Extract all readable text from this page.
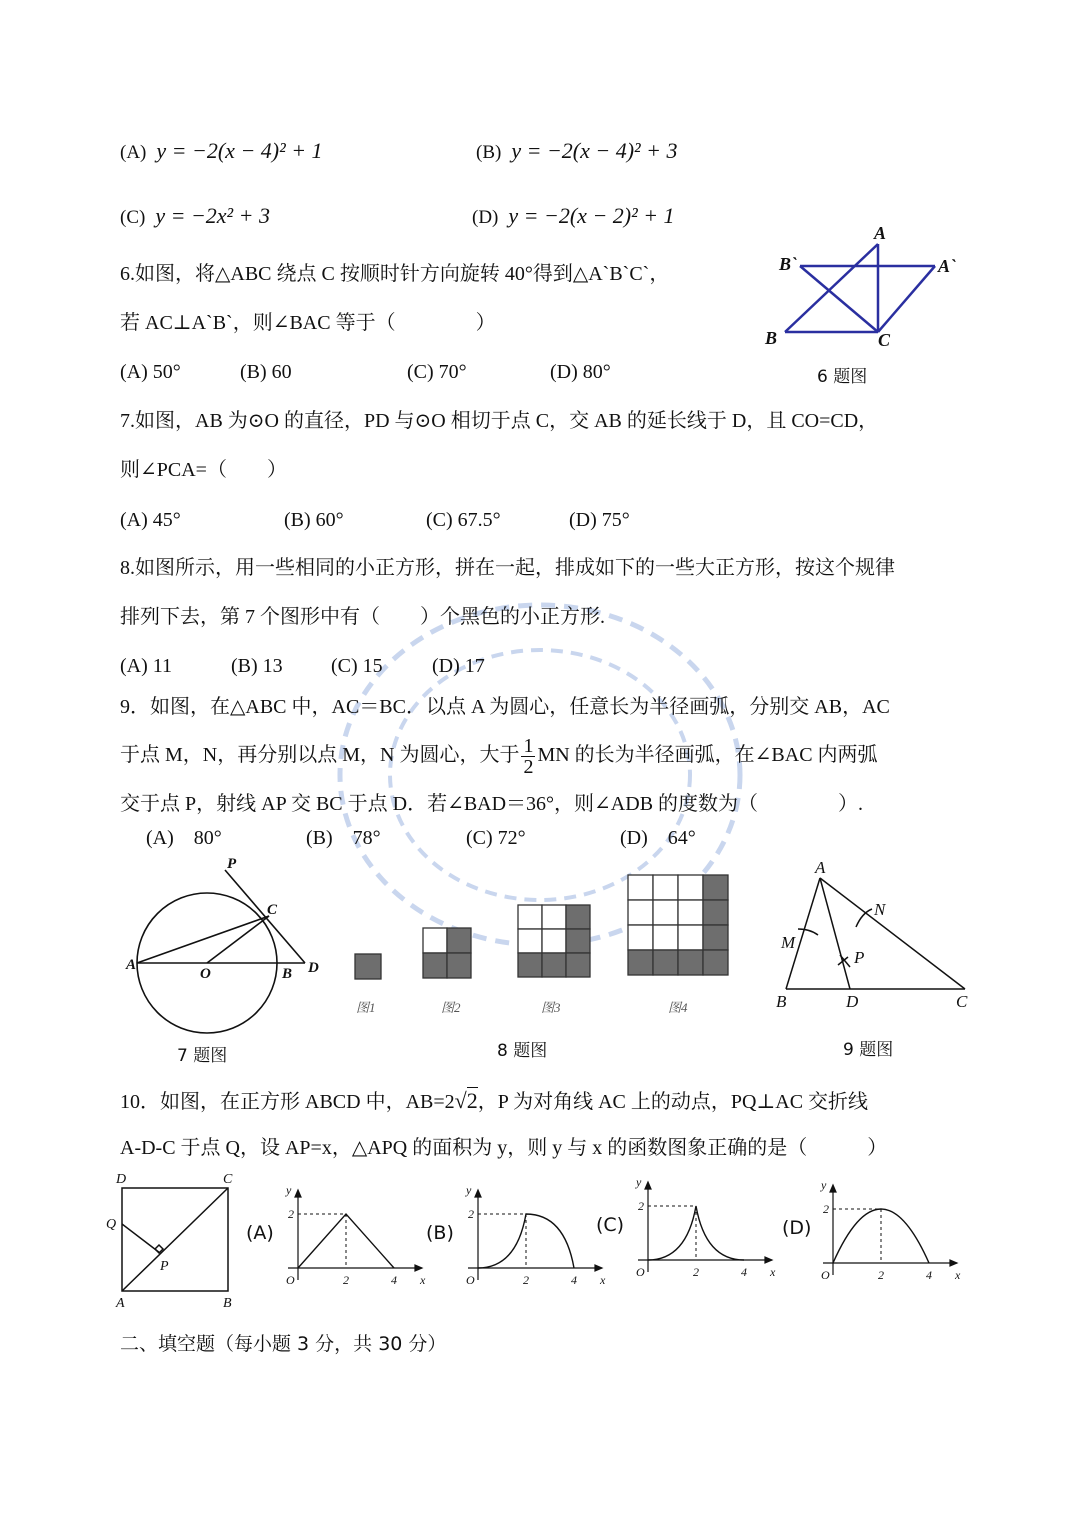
(A) y = −2(x − 4)² + 1	(B) y = −2(x − 4)² + 3
(C) y = −2x² + 3	(D) y = −2(x − 2)² + 1
6.如图，将△ABC 绕点 C 按顺时针方向旋转 40°得到△A`B`C`，
若 AC⊥A`B`，则∠BAC 等于（　　　　）
(A) 50°	(B) 60	(C) 70°	(D) 80°
A
B`	A`
B	C
6 题图
7.如图，AB 为⊙O 的直径，PD 与⊙O 相切于点 C，交 AB 的延长线于 D，且 CO=CD，
则∠PCA=（　　）
(A) 45°	(B) 60°	(C) 67.5°	(D) 75°
8.如图所示，用一些相同的小正方形，拼在一起，排成如下的一些大正方形，按这个规律
排列下去，第 7 个图形中有（　　）个黑色的小正方形.
(A) 11	(B) 13 (C) 15 (D) 17
9．如图，在△ABC 中，AC＝BC．以点 A 为圆心，任意长为半径画弧，分别交 AB，AC
于点 M，N，再分别以点 M，N 为圆心，大于 $\frac{1}{2}$ MN 的长为半径画弧，在∠BAC 内两弧
交于点 P，射线 AP 交 BC 于点 D．若∠BAD＝36°，则∠ADB 的度数为（　　　　）.
(A)　80°	(B)　78°	(C) 72°	(D)　64°
P
C
A
O	B D
7 题图
图1	图2	图3	图4
8 题图
A
M
N
P
B	D	C
9 题图
10．如图，在正方形 ABCD 中，AB=2√2，P 为对角线 AC 上的动点，PQ⊥AC 交折线
A-D-C 于点 Q，设 AP=x，△APQ 的面积为 y，则 y 与 x 的函数图象正确的是（　　　）
D	C
Q
P
A	B
(A)
y
x
O	2	4
2
(B)
y
x
O	2	4
2	(C)
y
x
O	2	4
2
(D)
y
x
O	2	4
2
二、填空题（每小题 3 分，共 30 分）
